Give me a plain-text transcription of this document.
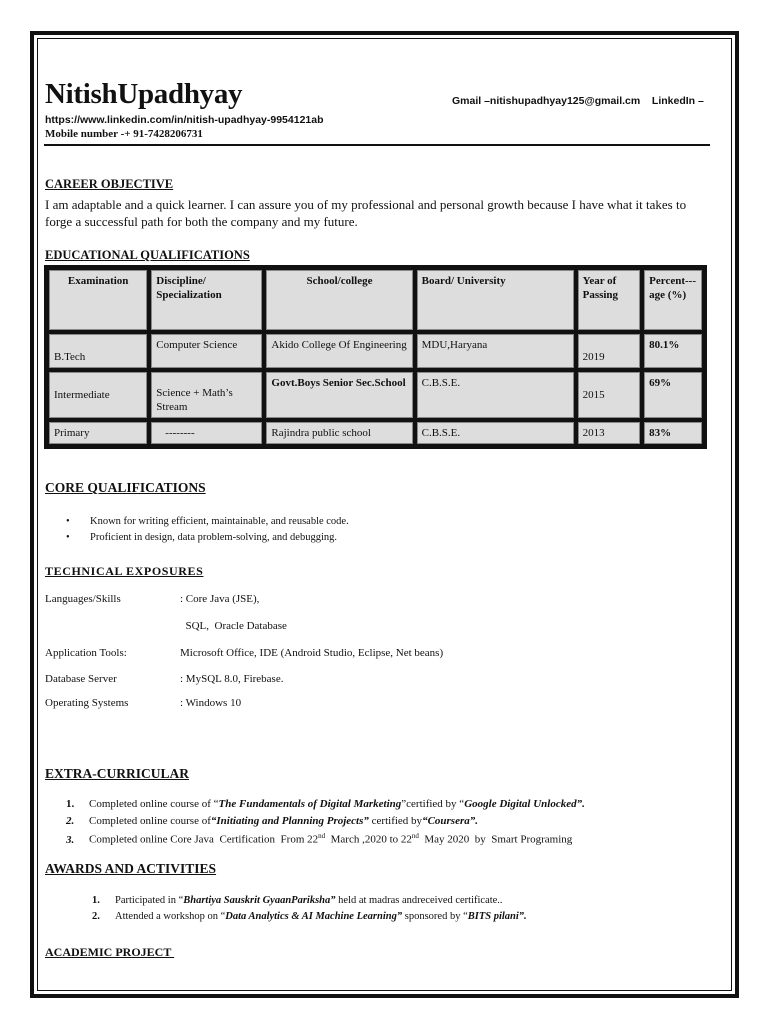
NitishUpadhyay	Gmail –nitishupadhyay125@gmail.cm LinkedIn –
https://www.linkedin.com/in/nitish-upadhyay-9954121ab
Mobile number -+ 91-7428206731
CAREER OBJECTIVE
I am adaptable and a quick learner. I can assure you of my professional and personal growth because I have what it takes to forge a successful path for both the company and my future.
EDUCATIONAL QUALIFICATIONS
Examination	Discipline/ Specialization	School/college	Board/ University	Year of Passing	Percent---age (%)
B.Tech	Computer Science	Akido College Of Engineering	MDU,Haryana	2019	80.1%
Intermediate	Science + Math’s Stream	Govt.Boys Senior Sec.School	C.B.S.E.	2015	69%
Primary	--------	Rajindra public school	C.B.S.E.	2013	83%
CORE QUALIFICATIONS
• Known for writing efficient, maintainable, and reusable code.
• Proficient in design, data problem-solving, and debugging.
TECHNICAL EXPOSURES
Languages/Skills	: Core Java (JSE),
SQL,  Oracle Database
Application Tools:	Microsoft Office, IDE (Android Studio, Eclipse, Net beans)
Database Server	: MySQL 8.0, Firebase.
Operating Systems	: Windows 10
EXTRA-CURRICULAR
1. Completed online course of “The Fundamentals of Digital Marketing”certified by “Google Digital Unlocked”.
2. Completed online course of“Initiating and Planning Projects” certified by“Coursera”.
3. Completed online Core Java  Certification  From 22nd  March ,2020 to 22nd  May 2020  by  Smart Programing
AWARDS AND ACTIVITIES
1. Participated in “Bhartiya Sauskrit GyaanPariksha” held at madras andreceived certificate..
2. Attended a workshop on “Data Analytics & AI Machine Learning” sponsored by “BITS pilani”.
ACADEMIC PROJECT
